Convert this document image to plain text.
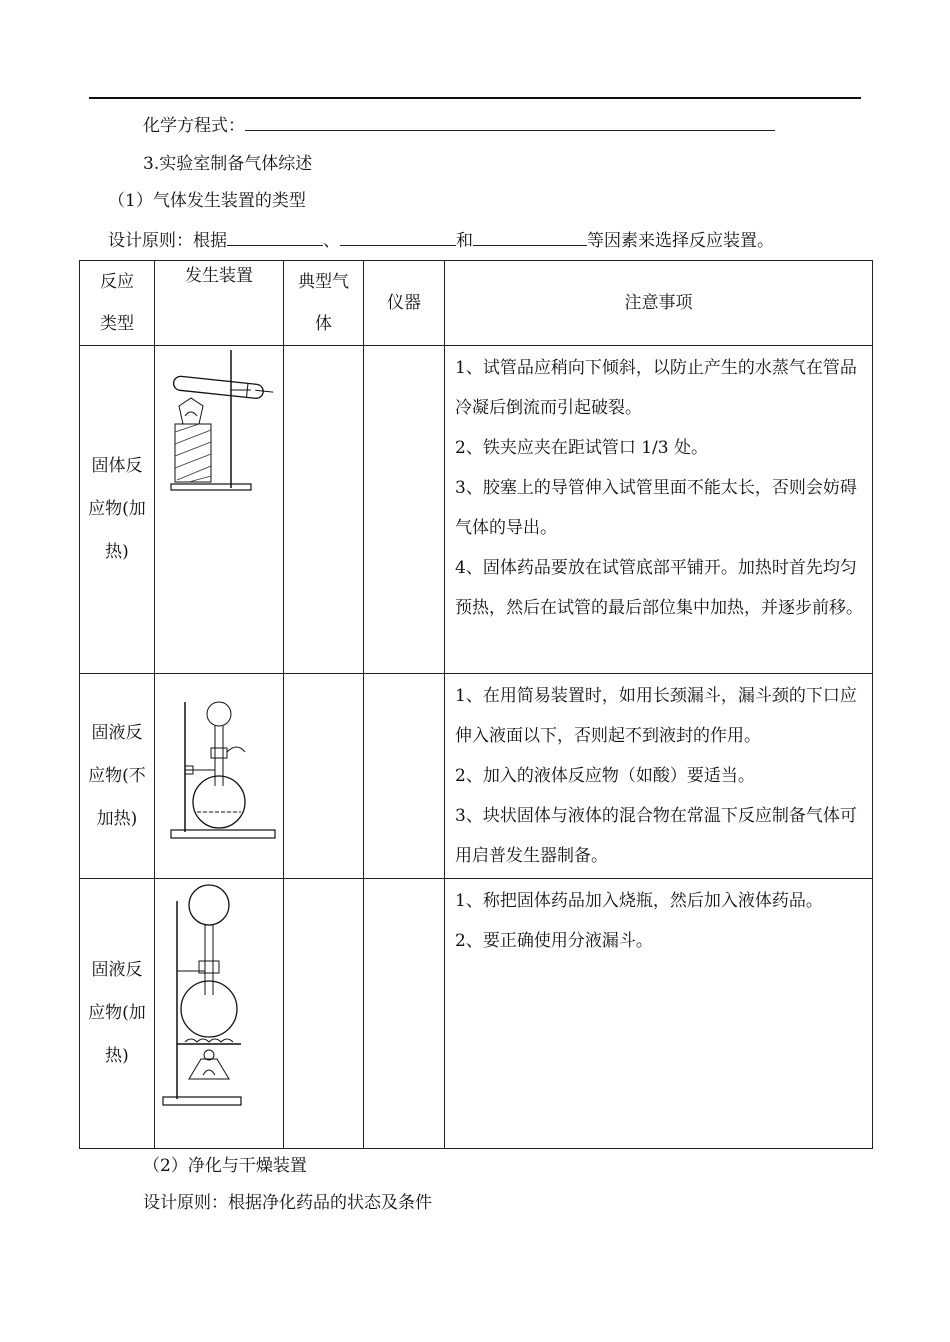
化学方程式：
3.实验室制备气体综述
（1）气体发生装置的类型
设计原则：根据	、	和	等因素来选择反应装置。
反应类型	发生装置	典型气体	仪器	注意事项
固体反应物(加热)				1、试管品应稍向下倾斜，以防止产生的水蒸气在管品冷凝后倒流而引起破裂。

2、铁夹应夹在距试管口 1/3 处。

3、胶塞上的导管伸入试管里面不能太长，否则会妨碍气体的导出。

4、固体药品要放在试管底部平铺开。加热时首先均匀预热，然后在试管的最后部位集中加热，并逐步前移。

固液反应物(不加热)				1、在用简易装置时，如用长颈漏斗，漏斗颈的下口应伸入液面以下，否则起不到液封的作用。

2、加入的液体反应物（如酸）要适当。

3、块状固体与液体的混合物在常温下反应制备气体可用启普发生器制备。

固液反应物(加热)				1、称把固体药品加入烧瓶，然后加入液体药品。

2、要正确使用分液漏斗。

（2）净化与干燥装置
设计原则：根据净化药品的状态及条件
